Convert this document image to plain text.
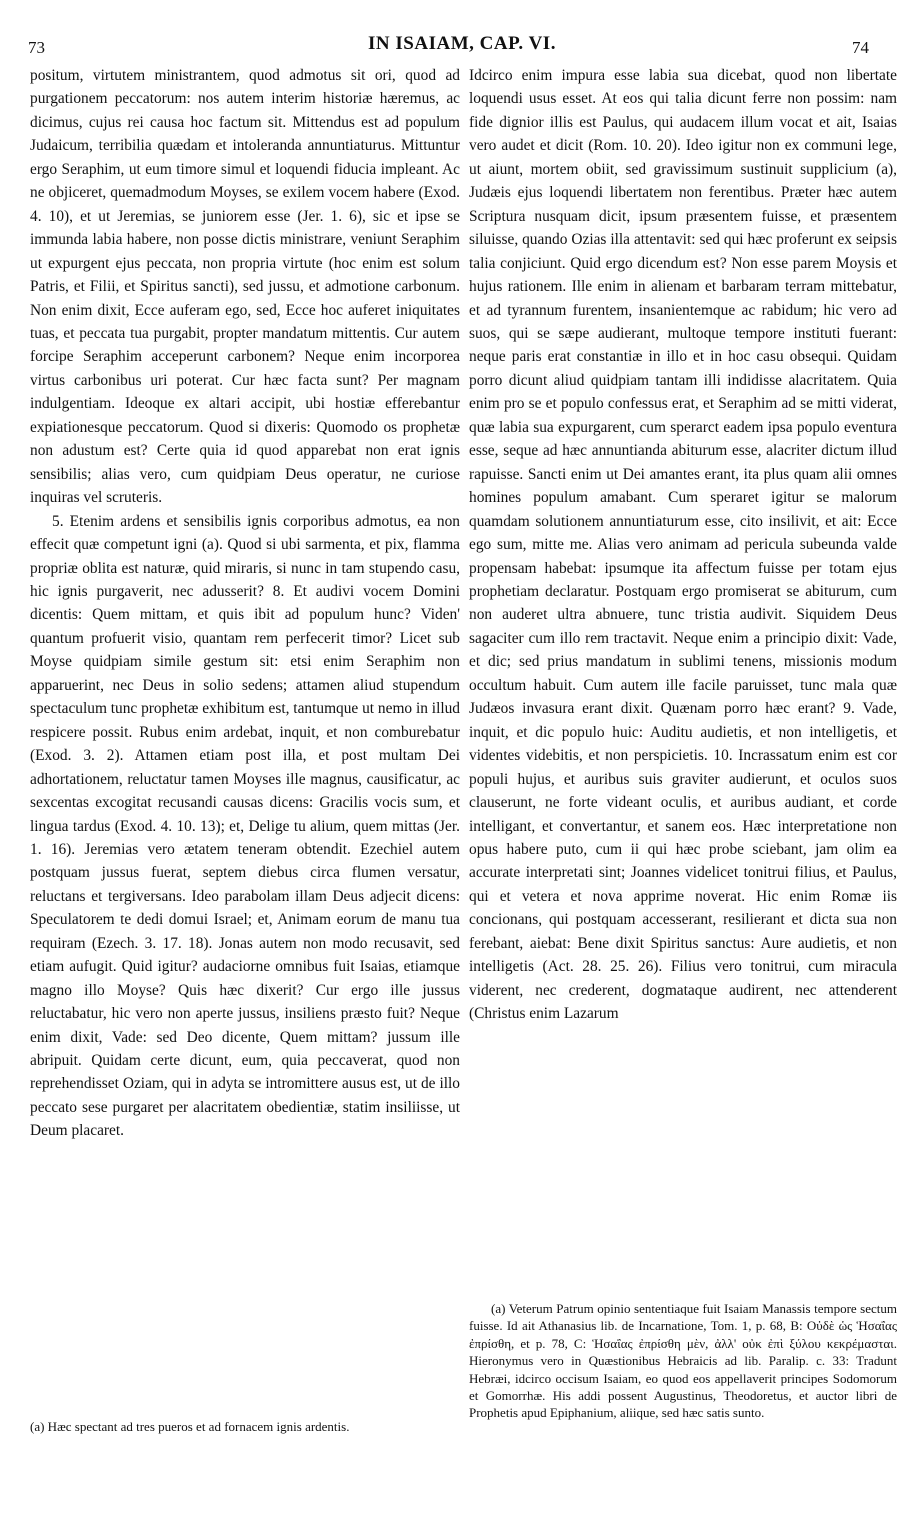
73	IN ISAIAM, CAP. VI.	74

positum, virtutem ministrantem, quod admotus sit ori, quod ad purgationem peccatorum: nos autem interim historiæ hæremus, ac dicimus, cujus rei causa hoc factum sit. Mittendus est ad populum Judaicum, terribilia quædam et intoleranda annuntiaturus. Mittuntur ergo Seraphim, ut eum timore simul et loquendi fiducia impleant. Ac ne objiceret, quemadmodum Moyses, se exilem vocem habere (Exod. 4. 10), et ut Jeremias, se juniorem esse (Jer. 1. 6), sic et ipse se immunda labia habere, non posse dictis ministrare, veniunt Seraphim ut expurgent ejus peccata, non propria virtute (hoc enim est solum Patris, et Filii, et Spiritus sancti), sed jussu, et admotione carbonum. Non enim dixit, Ecce auferam ego, sed, Ecce hoc auferet iniquitates tuas, et peccata tua purgabit, propter mandatum mittentis. Cur autem forcipe Seraphim acceperunt carbonem? Neque enim incorporea virtus carbonibus uri poterat. Cur hæc facta sunt? Per magnam indulgentiam. Ideoque ex altari accipit, ubi hostiæ efferebantur expiationesque peccatorum. Quod si dixeris: Quomodo os prophetæ non adustum est? Certe quia id quod apparebat non erat ignis sensibilis; alias vero, cum quidpiam Deus operatur, ne curiose inquiras vel scruteris.

5. Etenim ardens et sensibilis ignis corporibus admotus, ea non effecit quæ competunt igni (a). Quod si ubi sarmenta, et pix, flamma propriæ oblita est naturæ, quid miraris, si nunc in tam stupendo casu, hic ignis purgaverit, nec adusserit? 8. Et audivi vocem Domini dicentis: Quem mittam, et quis ibit ad populum hunc? Viden' quantum profuerit visio, quantam rem perfecerit timor? Licet sub Moyse quidpiam simile gestum sit: etsi enim Seraphim non apparuerint, nec Deus in solio sedens; attamen aliud stupendum spectaculum tunc prophetæ exhibitum est, tantumque ut nemo in illud respicere possit. Rubus enim ardebat, inquit, et non comburebatur (Exod. 3. 2). Attamen etiam post illa, et post multam Dei adhortationem, reluctatur tamen Moyses ille magnus, causificatur, ac sexcentas excogitat recusandi causas dicens: Gracilis vocis sum, et lingua tardus (Exod. 4. 10. 13); et, Delige tu alium, quem mittas (Jer. 1. 16). Jeremias vero ætatem teneram obtendit. Ezechiel autem postquam jussus fuerat, septem diebus circa flumen versatur, reluctans et tergiversans. Ideo parabolam illam Deus adjecit dicens: Speculatorem te dedi domui Israel; et, Animam eorum de manu tua requiram (Ezech. 3. 17. 18). Jonas autem non modo recusavit, sed etiam aufugit. Quid igitur? audaciorne omnibus fuit Isaias, etiamque magno illo Moyse? Quis hæc dixerit? Cur ergo ille jussus reluctabatur, hic vero non aperte jussus, insiliens præsto fuit? Neque enim dixit, Vade: sed Deo dicente, Quem mittam? jussum ille abripuit. Quidam certe dicunt, eum, quia peccaverat, quod non reprehendisset Oziam, qui in adyta se intromittere ausus est, ut de illo peccato sese purgaret per alacritatem obedientiæ, statim insiliisse, ut Deum placaret.

(a) Hæc spectant ad tres pueros et ad fornacem ignis ardentis.

Idcirco enim impura esse labia sua dicebat, quod non libertate loquendi usus esset. At eos qui talia dicunt ferre non possim: nam fide dignior illis est Paulus, qui audacem illum vocat et ait, Isaias vero audet et dicit (Rom. 10. 20). Ideo igitur non ex communi lege, ut aiunt, mortem obiit, sed gravissimum sustinuit supplicium (a), Judæis ejus loquendi libertatem non ferentibus. Præter hæc autem Scriptura nusquam dicit, ipsum præsentem fuisse, et præsentem siluisse, quando Ozias illa attentavit: sed qui hæc proferunt ex seipsis talia conjiciunt. Quid ergo dicendum est? Non esse parem Moysis et hujus rationem. Ille enim in alienam et barbaram terram mittebatur, et ad tyrannum furentem, insanientemque ac rabidum; hic vero ad suos, qui se sæpe audierant, multoque tempore instituti fuerant: neque paris erat constantiæ in illo et in hoc casu obsequi. Quidam porro dicunt aliud quidpiam tantam illi indidisse alacritatem. Quia enim pro se et populo confessus erat, et Seraphim ad se mitti viderat, quæ labia sua expurgarent, cum sperarct eadem ipsa populo eventura esse, seque ad hæc annuntianda abiturum esse, alacriter dictum illud rapuisse. Sancti enim ut Dei amantes erant, ita plus quam alii omnes homines populum amabant. Cum speraret igitur se malorum quamdam solutionem annuntiaturum esse, cito insilivit, et ait: Ecce ego sum, mitte me. Alias vero animam ad pericula subeunda valde propensam habebat: ipsumque ita affectum fuisse per totam ejus prophetiam declaratur. Postquam ergo promiserat se abiturum, cum non auderet ultra abnuere, tunc tristia audivit. Siquidem Deus sagaciter cum illo rem tractavit. Neque enim a principio dixit: Vade, et dic; sed prius mandatum in sublimi tenens, missionis modum occultum habuit. Cum autem ille facile paruisset, tunc mala quæ Judæos invasura erant dixit. Quænam porro hæc erant? 9. Vade, inquit, et dic populo huic: Auditu audietis, et non intelligetis, et videntes videbitis, et non perspicietis. 10. Incrassatum enim est cor populi hujus, et auribus suis graviter audierunt, et oculos suos clauserunt, ne forte videant oculis, et auribus audiant, et corde intelligant, et convertantur, et sanem eos. Hæc interpretatione non opus habere puto, cum ii qui hæc probe sciebant, jam olim ea accurate interpretati sint; Joannes videlicet tonitrui filius, et Paulus, qui et vetera et nova apprime noverat. Hic enim Romæ iis concionans, qui postquam accesserant, resilierant et dicta sua non ferebant, aiebat: Bene dixit Spiritus sanctus: Aure audietis, et non intelligetis (Act. 28. 25. 26). Filius vero tonitrui, cum miracula viderent, nec crederent, dogmataque audirent, nec attenderent (Christus enim Lazarum

(a) Veterum Patrum opinio sententiaque fuit Isaiam Manassis tempore sectum fuisse. Id ait Athanasius lib. de Incarnatione, Tom. 1, p. 68, B: Οὐδὲ ὡς Ἡσαΐας ἐπρίσθη, et p. 78, C: Ἡσαΐας ἐπρίσθη μὲν, ἀλλ' οὐκ ἐπὶ ξύλου κεκρέμασται. Hieronymus vero in Quæstionibus Hebraicis ad lib. Paralip. c. 33: Tradunt Hebræi, idcirco occisum Isaiam, eo quod eos appellaverit principes Sodomorum et Gomorrhæ. His addi possent Augustinus, Theodoretus, et auctor libri de Prophetis apud Epiphanium, aliique, sed hæc satis sunto.
